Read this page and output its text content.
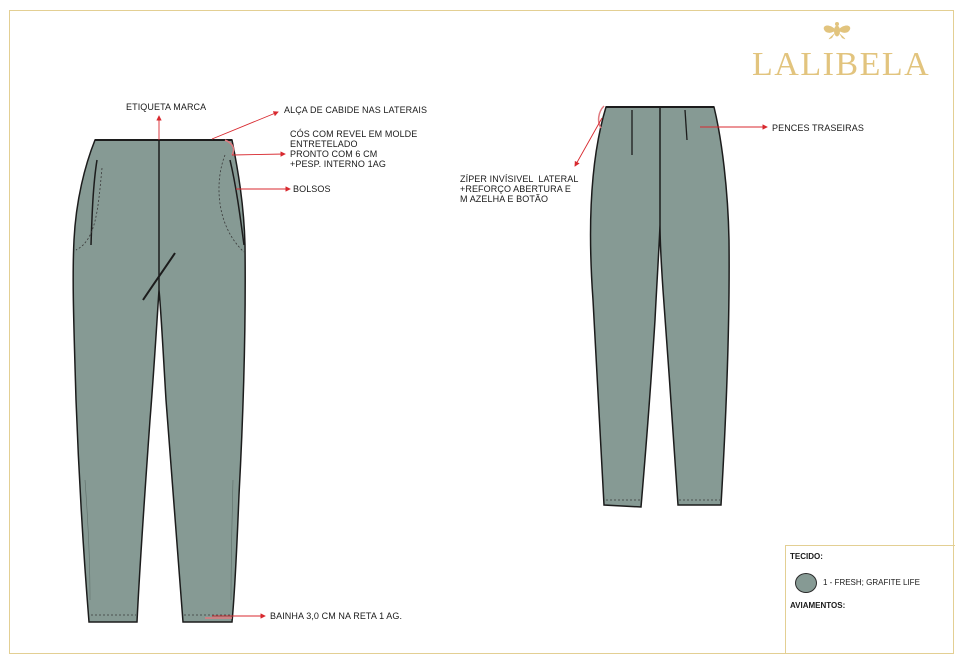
LALIBELA
ETIQUETA MARCA	ALÇA DE CABIDE NAS LATERAIS
CÓS COM REVEL EM MOLDE
ENTRETELADO
PRONTO COM 6 CM
+PESP. INTERNO 1AG
BOLSOS
BAINHA 3,0 CM NA RETA 1 AG.
PENCES TRASEIRAS
ZÍPER INVÍSIVEL  LATERAL
+REFORÇO ABERTURA E
M AZELHA E BOTÃO
TECIDO:
1 - FRESH; GRAFITE LIFE
AVIAMENTOS:
